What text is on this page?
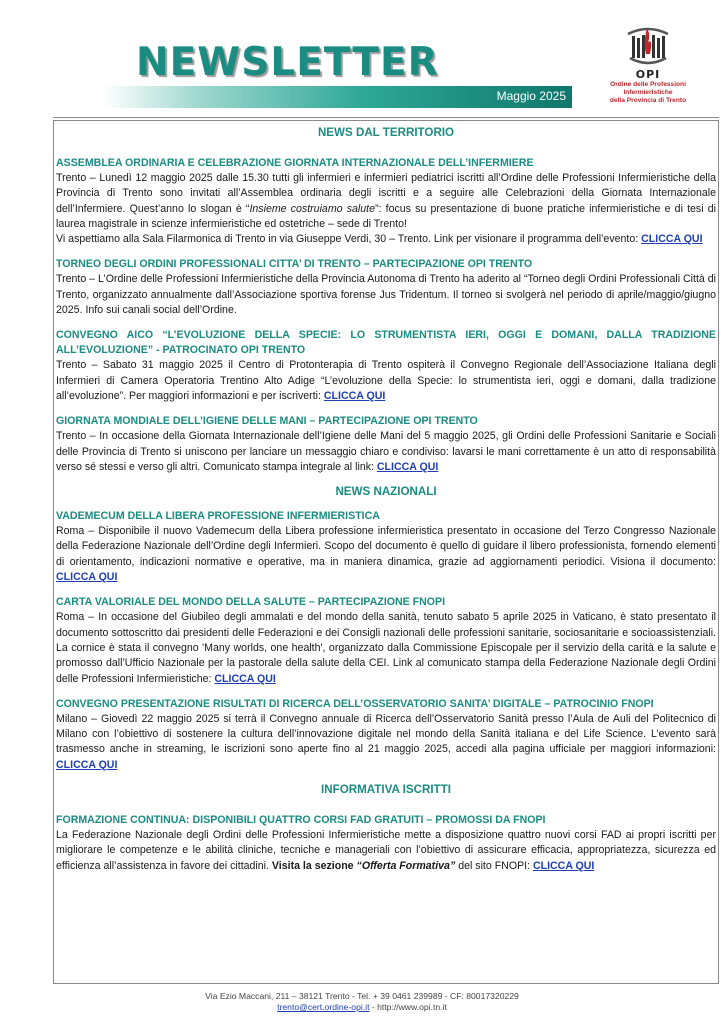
NEWSLETTER
Maggio 2025
OPI
Ordine delle Professioni
Infermieristiche
della Provincia di Trento
NEWS DAL TERRITORIO
ASSEMBLEA ORDINARIA E CELEBRAZIONE GIORNATA INTERNAZIONALE DELL’INFERMIERE

Trento – Lunedì 12 maggio 2025 dalle 15.30 tutti gli infermieri e infermieri pediatrici iscritti all’Ordine delle Professioni Infermieristiche della Provincia di Trento sono invitati all’Assemblea ordinaria degli iscritti e a seguire alle Celebrazioni della Giornata Internazionale dell’Infermiere. Quest’anno lo slogan è “Insieme costruiamo salute”: focus su presentazione di buone pratiche infermieristiche e di tesi di laurea magistrale in scienze infermieristiche ed ostetriche – sede di Trento!

Vi aspettiamo alla Sala Filarmonica di Trento in via Giuseppe Verdi, 30 – Trento. Link per visionare il programma dell’evento: CLICCA QUI

TORNEO DEGLI ORDINI PROFESSIONALI CITTA’ DI TRENTO – PARTECIPAZIONE OPI TRENTO

Trento – L’Ordine delle Professioni Infermieristiche della Provincia Autonoma di Trento ha aderito al “Torneo degli Ordini Professionali Città di Trento, organizzato annualmente dall’Associazione sportiva forense Jus Tridentum. Il torneo si svolgerà nel periodo di aprile/maggio/giugno 2025. Info sui canali social dell’Ordine.

CONVEGNO AICO “L’EVOLUZIONE DELLA SPECIE: LO STRUMENTISTA IERI, OGGI E DOMANI, DALLA TRADIZIONE ALL’EVOLUZIONE” - PATROCINATO OPI TRENTO

Trento – Sabato 31 maggio 2025 il Centro di Protonterapia di Trento ospiterà il Convegno Regionale dell’Associazione Italiana degli Infermieri di Camera Operatoria Trentino Alto Adige “L’evoluzione della Specie: lo strumentista ieri, oggi e domani, dalla tradizione all’evoluzione”. Per maggiori informazioni e per iscriverti: CLICCA QUI

GIORNATA MONDIALE DELL’IGIENE DELLE MANI – PARTECIPAZIONE OPI TRENTO

Trento – In occasione della Giornata Internazionale dell’Igiene delle Mani del 5 maggio 2025, gli Ordini delle Professioni Sanitarie e Sociali delle Provincia di Trento si uniscono per lanciare un messaggio chiaro e condiviso: lavarsi le mani correttamente è un atto di responsabilità verso sé stessi e verso gli altri. Comunicato stampa integrale al link: CLICCA QUI

NEWS NAZIONALI
VADEMECUM DELLA LIBERA PROFESSIONE INFERMIERISTICA

Roma – Disponibile il nuovo Vademecum della Libera professione infermieristica presentato in occasione del Terzo Congresso Nazionale della Federazione Nazionale dell’Ordine degli Infermieri. Scopo del documento è quello di guidare il libero professionista, fornendo elementi di orientamento, indicazioni normative e operative, ma in maniera dinamica, grazie ad aggiornamenti periodici. Visiona il documento: CLICCA QUI

CARTA VALORIALE DEL MONDO DELLA SALUTE – PARTECIPAZIONE FNOPI

Roma – In occasione del Giubileo degli ammalati e del mondo della sanità, tenuto sabato 5 aprile 2025 in Vaticano, è stato presentato il documento sottoscritto dai presidenti delle Federazioni e dei Consigli nazionali delle professioni sanitarie, sociosanitarie e socioassistenziali. La cornice è stata il convegno 'Many worlds, one health', organizzato dalla Commissione Episcopale per il servizio della carità e la salute e promosso dall’Ufficio Nazionale per la pastorale della salute della CEI. Link al comunicato stampa della Federazione Nazionale degli Ordini delle Professioni Infermieristiche: CLICCA QUI

CONVEGNO PRESENTAZIONE RISULTATI DI RICERCA DELL’OSSERVATORIO SANITA’ DIGITALE – PATROCINIO FNOPI

Milano – Giovedì 22 maggio 2025 si terrà il Convegno annuale di Ricerca dell’Osservatorio Sanità presso l’Aula de Auli del Politecnico di Milano con l’obiettivo di sostenere la cultura dell’innovazione digitale nel mondo della Sanità italiana e del Life Science. L’evento sarà trasmesso anche in streaming, le iscrizioni sono aperte fino al 21 maggio 2025, accedi alla pagina ufficiale per maggiori informazioni: CLICCA QUI

INFORMATIVA ISCRITTI
FORMAZIONE CONTINUA: DISPONIBILI QUATTRO CORSI FAD GRATUITI – PROMOSSI DA FNOPI

La Federazione Nazionale degli Ordini delle Professioni Infermieristiche mette a disposizione quattro nuovi corsi FAD ai propri iscritti per migliorare le competenze e le abilità cliniche, tecniche e manageriali con l’obiettivo di assicurare efficacia, appropriatezza, sicurezza ed efficienza all’assistenza in favore dei cittadini. Visita la sezione “Offerta Formativa” del sito FNOPI: CLICCA QUI

Via Ezio Maccani, 211 – 38121 Trento - Tel. + 39 0461 239989 - CF: 80017320229
trento@cert.ordine-opi.it - http://www.opi.tn.it
